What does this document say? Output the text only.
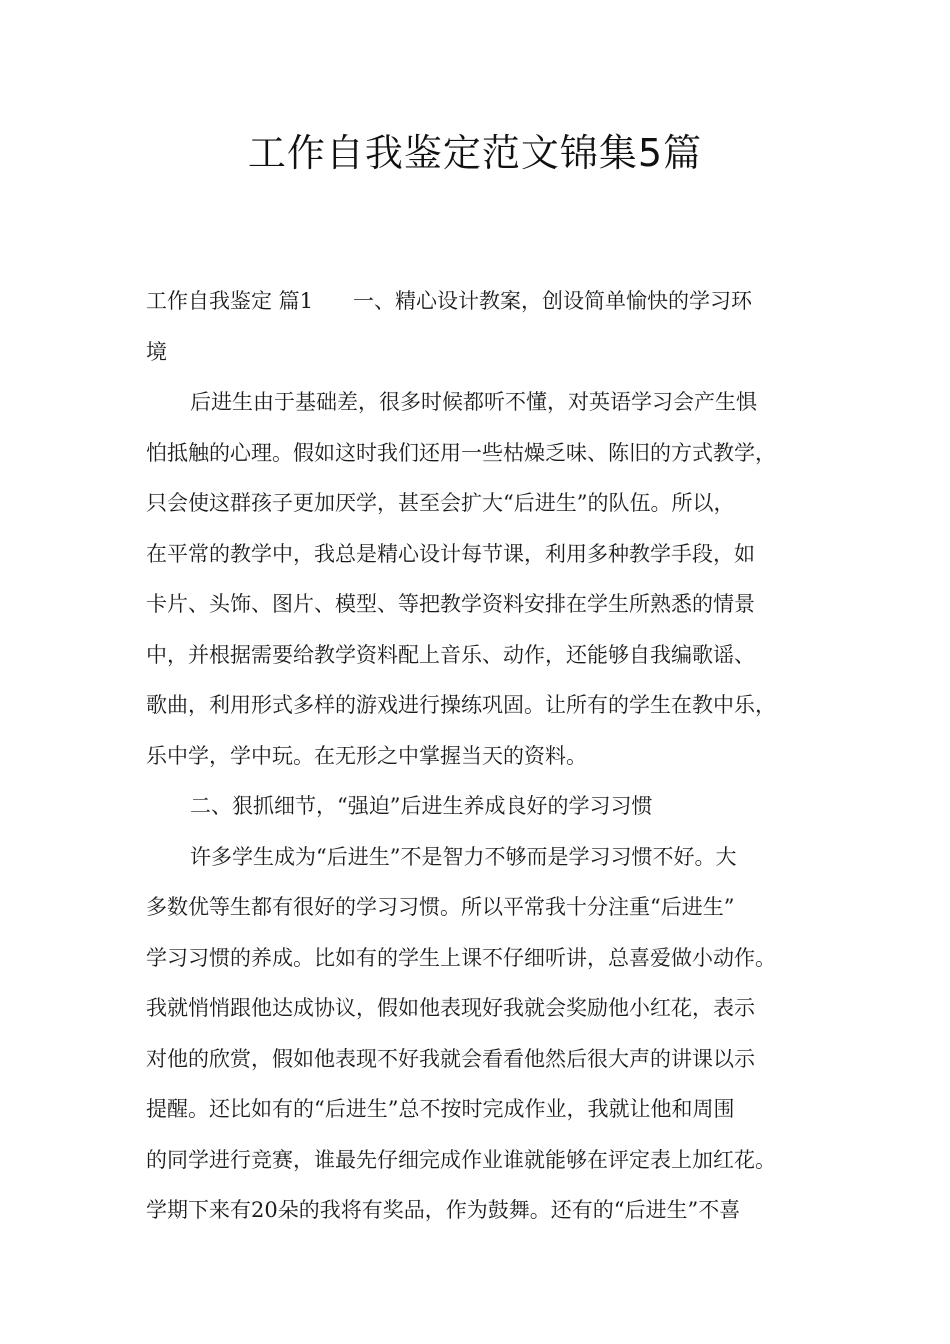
工作自我鉴定范文锦集5篇
工作自我鉴定 篇1 一、精心设计教案，创设简单愉快的学习环
境
后进生由于基础差，很多时候都听不懂，对英语学习会产生惧
怕抵触的心理。假如这时我们还用一些枯燥乏味、陈旧的方式教学，
只会使这群孩子更加厌学，甚至会扩大“后进生”的队伍。所以，
在平常的教学中，我总是精心设计每节课，利用多种教学手段，如
卡片、头饰、图片、模型、等把教学资料安排在学生所熟悉的情景
中，并根据需要给教学资料配上音乐、动作，还能够自我编歌谣、
歌曲，利用形式多样的游戏进行操练巩固。让所有的学生在教中乐，
乐中学，学中玩。在无形之中掌握当天的资料。
二、狠抓细节，“强迫”后进生养成良好的学习习惯
许多学生成为“后进生”不是智力不够而是学习习惯不好。大
多数优等生都有很好的学习习惯。所以平常我十分注重“后进生”
学习习惯的养成。比如有的学生上课不仔细听讲，总喜爱做小动作。
我就悄悄跟他达成协议，假如他表现好我就会奖励他小红花，表示
对他的欣赏，假如他表现不好我就会看看他然后很大声的讲课以示
提醒。还比如有的“后进生”总不按时完成作业，我就让他和周围
的同学进行竞赛，谁最先仔细完成作业谁就能够在评定表上加红花。
学期下来有20朵的我将有奖品，作为鼓舞。还有的“后进生”不喜
